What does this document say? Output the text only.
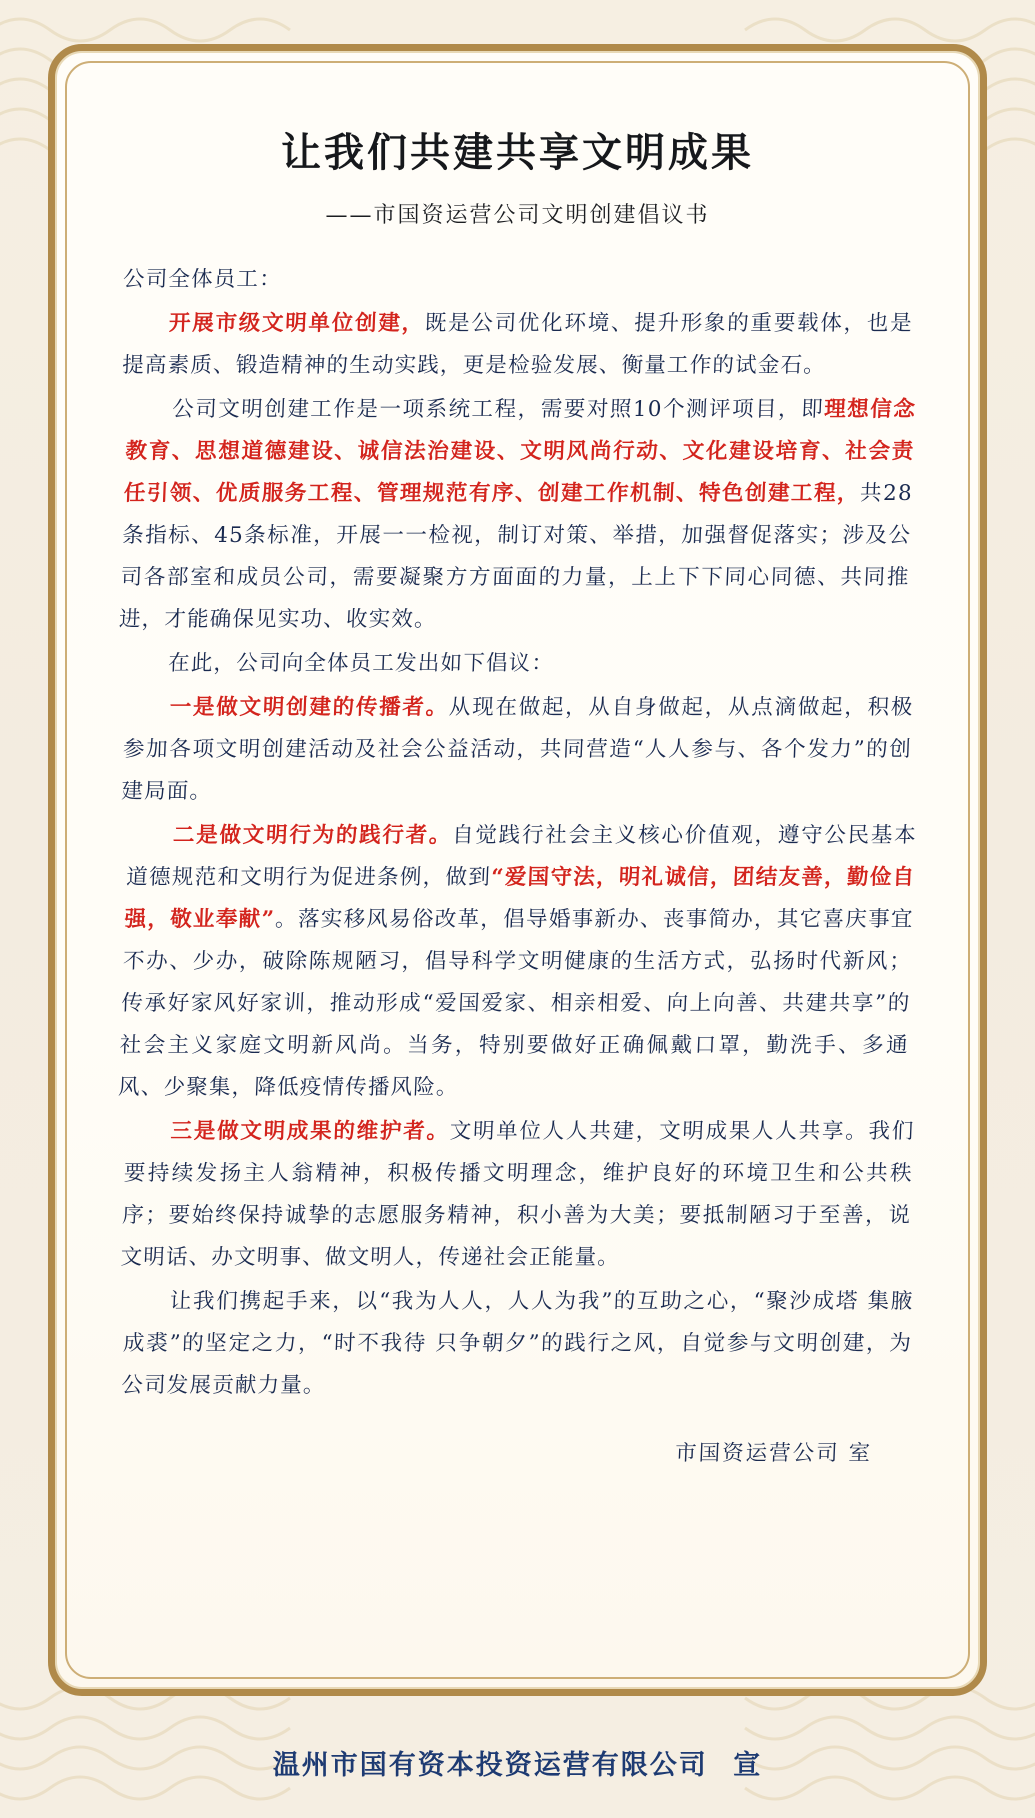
让我们共建共享文明成果
——市国资运营公司文明创建倡议书

公司全体员工：

开展市级文明单位创建，既是公司优化环境、提升形象的重要载体，也是提高素质、锻造精神的生动实践，更是检验发展、衡量工作的试金石。

公司文明创建工作是一项系统工程，需要对照10个测评项目，即理想信念教育、思想道德建设、诚信法治建设、文明风尚行动、文化建设培育、社会责任引领、优质服务工程、管理规范有序、创建工作机制、特色创建工程，共28条指标、45条标准，开展一一检视，制订对策、举措，加强督促落实；涉及公司各部室和成员公司，需要凝聚方方面面的力量，上上下下同心同德、共同推进，才能确保见实功、收实效。

在此，公司向全体员工发出如下倡议：

一是做文明创建的传播者。从现在做起，从自身做起，从点滴做起，积极参加各项文明创建活动及社会公益活动，共同营造“人人参与、各个发力”的创建局面。

二是做文明行为的践行者。自觉践行社会主义核心价值观，遵守公民基本道德规范和文明行为促进条例，做到“爱国守法，明礼诚信，团结友善，勤俭自强，敬业奉献”。落实移风易俗改革，倡导婚事新办、丧事简办，其它喜庆事宜不办、少办，破除陈规陋习，倡导科学文明健康的生活方式，弘扬时代新风；传承好家风好家训，推动形成“爱国爱家、相亲相爱、向上向善、共建共享”的社会主义家庭文明新风尚。当务，特别要做好正确佩戴口罩，勤洗手、多通风、少聚集，降低疫情传播风险。

三是做文明成果的维护者。文明单位人人共建，文明成果人人共享。我们要持续发扬主人翁精神，积极传播文明理念，维护良好的环境卫生和公共秩序；要始终保持诚挚的志愿服务精神，积小善为大美；要抵制陋习于至善，说文明话、办文明事、做文明人，传递社会正能量。

让我们携起手来，以“我为人人，人人为我”的互助之心，“聚沙成塔 集腋成裘”的坚定之力，“时不我待 只争朝夕”的践行之风，自觉参与文明创建，为公司发展贡献力量。

市国资运营公司 室
温州市国有资本投资运营有限公司 宣
